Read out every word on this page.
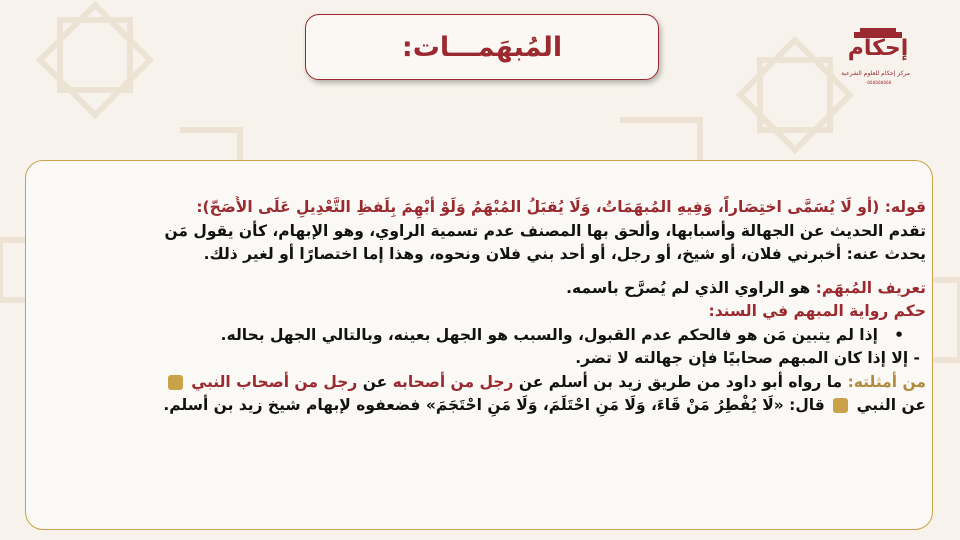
المُبهَمـــات:	إحكام
مركز إحكام للعلوم الشرعية
٠٥٥٥٥٥٥٥٥٥
قوله: (أو لَا يُسَمَّى اختِصَاراً، وَفِيهِ المُبهَمَاتُ، وَلَا يُقبَلُ المُبْهَمُ وَلَوْ أُبْهِمَ بِلَفظِ التَّعْدِيلِ عَلَى الأَصَحّ):
تقدم الحديث عن الجهالة وأسبابها، وألحق بها المصنف عدم تسمية الراوي، وهو الإبهام، كأن يقول مَن
يحدث عنه: أخبرني فلان، أو شيخ، أو رجل، أو أحد بني فلان ونحوه، وهذا إما اختصارًا أو لغير ذلك.
تعريف المُبهَم: هو الراوي الذي لم يُصرَّح باسمه.
حكم رواية المبهم في السند:
•   إذا لم يتبين مَن هو فالحكم عدم القبول، والسبب هو الجهل بعينه، وبالتالي الجهل بحاله.
- إلا إذا كان المبهم صحابيًا فإن جهالته لا تضر.
من أمثلته: ما رواه أبو داود من طريق زيد بن أسلم عن رجل من أصحابه عن رجل من أصحاب النبي
عن النبي  قال: «لَا يُفْطِرُ مَنْ قَاءَ، وَلَا مَنِ احْتَلَمَ، وَلَا مَنِ احْتَجَمَ» فضعفوه لإبهام شيخ زيد بن أسلم.
